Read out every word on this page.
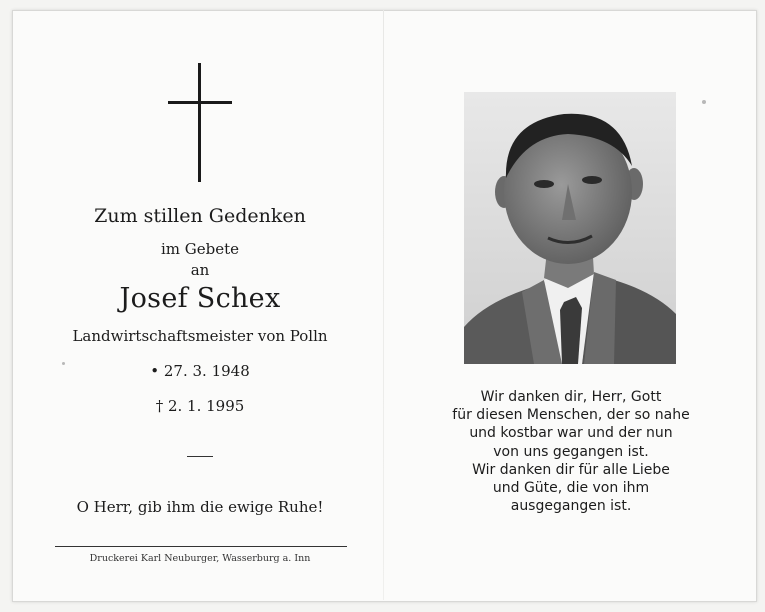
Zum stillen Gedenken
im Gebete
an
Josef Schex
Landwirtschaftsmeister von Polln
• 27. 3. 1948
† 2. 1. 1995
O Herr, gib ihm die ewige Ruhe!
Druckerei Karl Neuburger, Wasserburg a. Inn
Wir danken dir, Herr, Gott
für diesen Menschen, der so nahe
und kostbar war und der nun
von uns gegangen ist.
Wir danken dir für alle Liebe
und Güte, die von ihm
ausgegangen ist.
